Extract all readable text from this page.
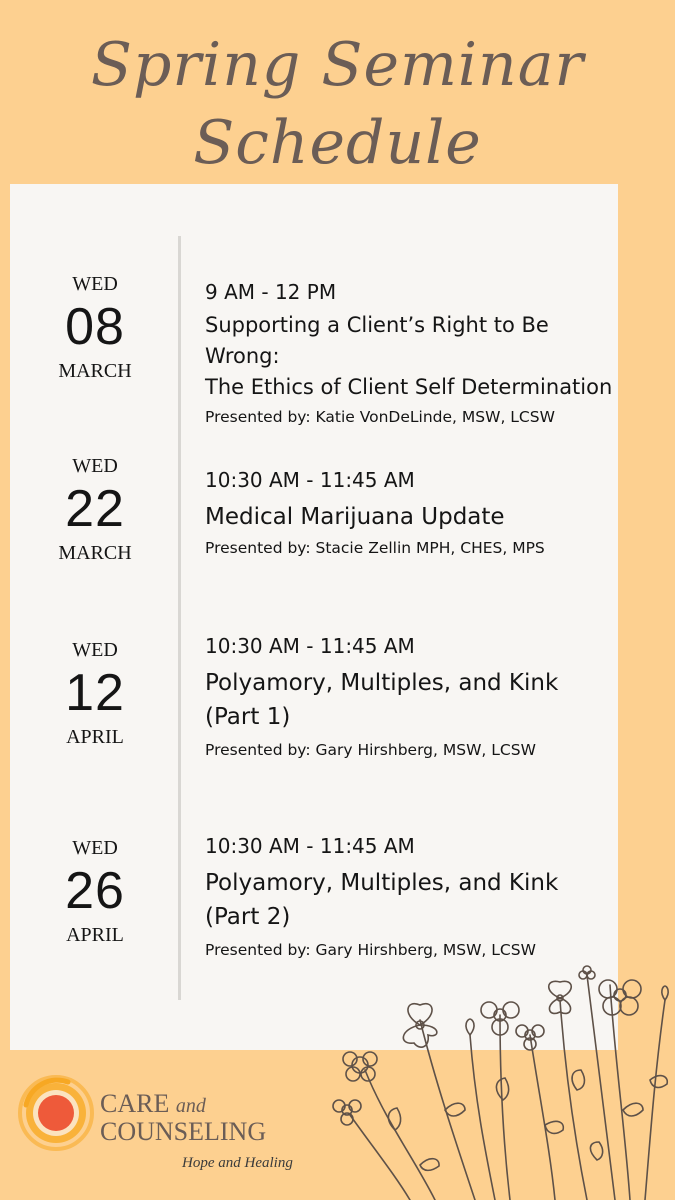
Spring Seminar
Schedule
WED
08
MARCH
9 AM - 12 PM
Supporting a Client’s Right to Be Wrong:
The Ethics of Client Self Determination
Presented by: Katie VonDeLinde, MSW, LCSW
WED
22
MARCH
10:30 AM - 11:45 AM
Medical Marijuana Update
Presented by: Stacie Zellin MPH, CHES, MPS
WED
12
APRIL
10:30 AM - 11:45 AM
Polyamory, Multiples, and Kink
(Part 1)
Presented by: Gary Hirshberg, MSW, LCSW
WED
26
APRIL
10:30 AM - 11:45 AM
Polyamory, Multiples, and Kink
(Part 2)
Presented by: Gary Hirshberg, MSW, LCSW
CARE and
COUNSELING
Hope and Healing
